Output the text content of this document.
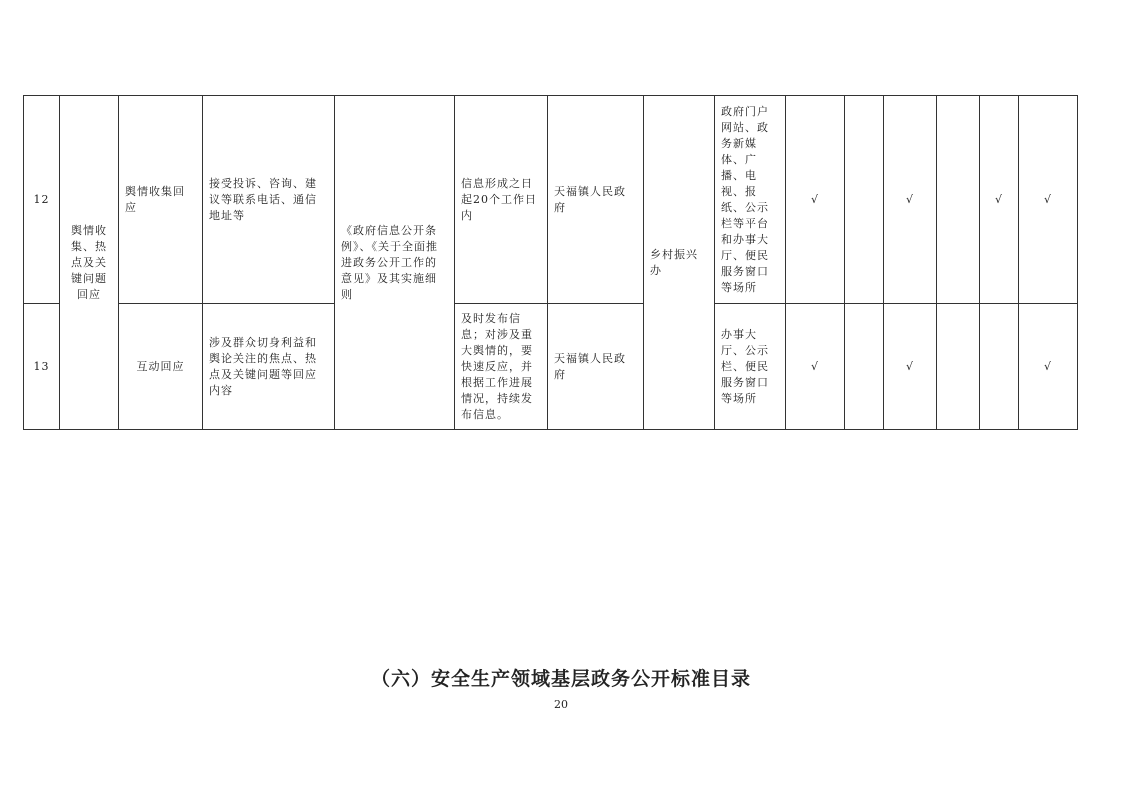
12	舆情收集、热点及关键问题回应	舆情收集回应	接受投诉、咨询、建议等联系电话、通信地址等	《政府信息公开条例》、《关于全面推进政务公开工作的意见》及其实施细则	信息形成之日起20个工作日内	天福镇人民政府	乡村振兴办	政府门户网站、政务新媒体、广播、电视、报纸、公示栏等平台和办事大厅、便民服务窗口等场所	√		√		√	√
13		互动回应	涉及群众切身利益和舆论关注的焦点、热点及关键问题等回应内容		及时发布信息；对涉及重大舆情的，要快速反应，并根据工作进展情况，持续发布信息。	天福镇人民政府		办事大厅、公示栏、便民服务窗口等场所	√		√			√
（六）安全生产领域基层政务公开标准目录
20
